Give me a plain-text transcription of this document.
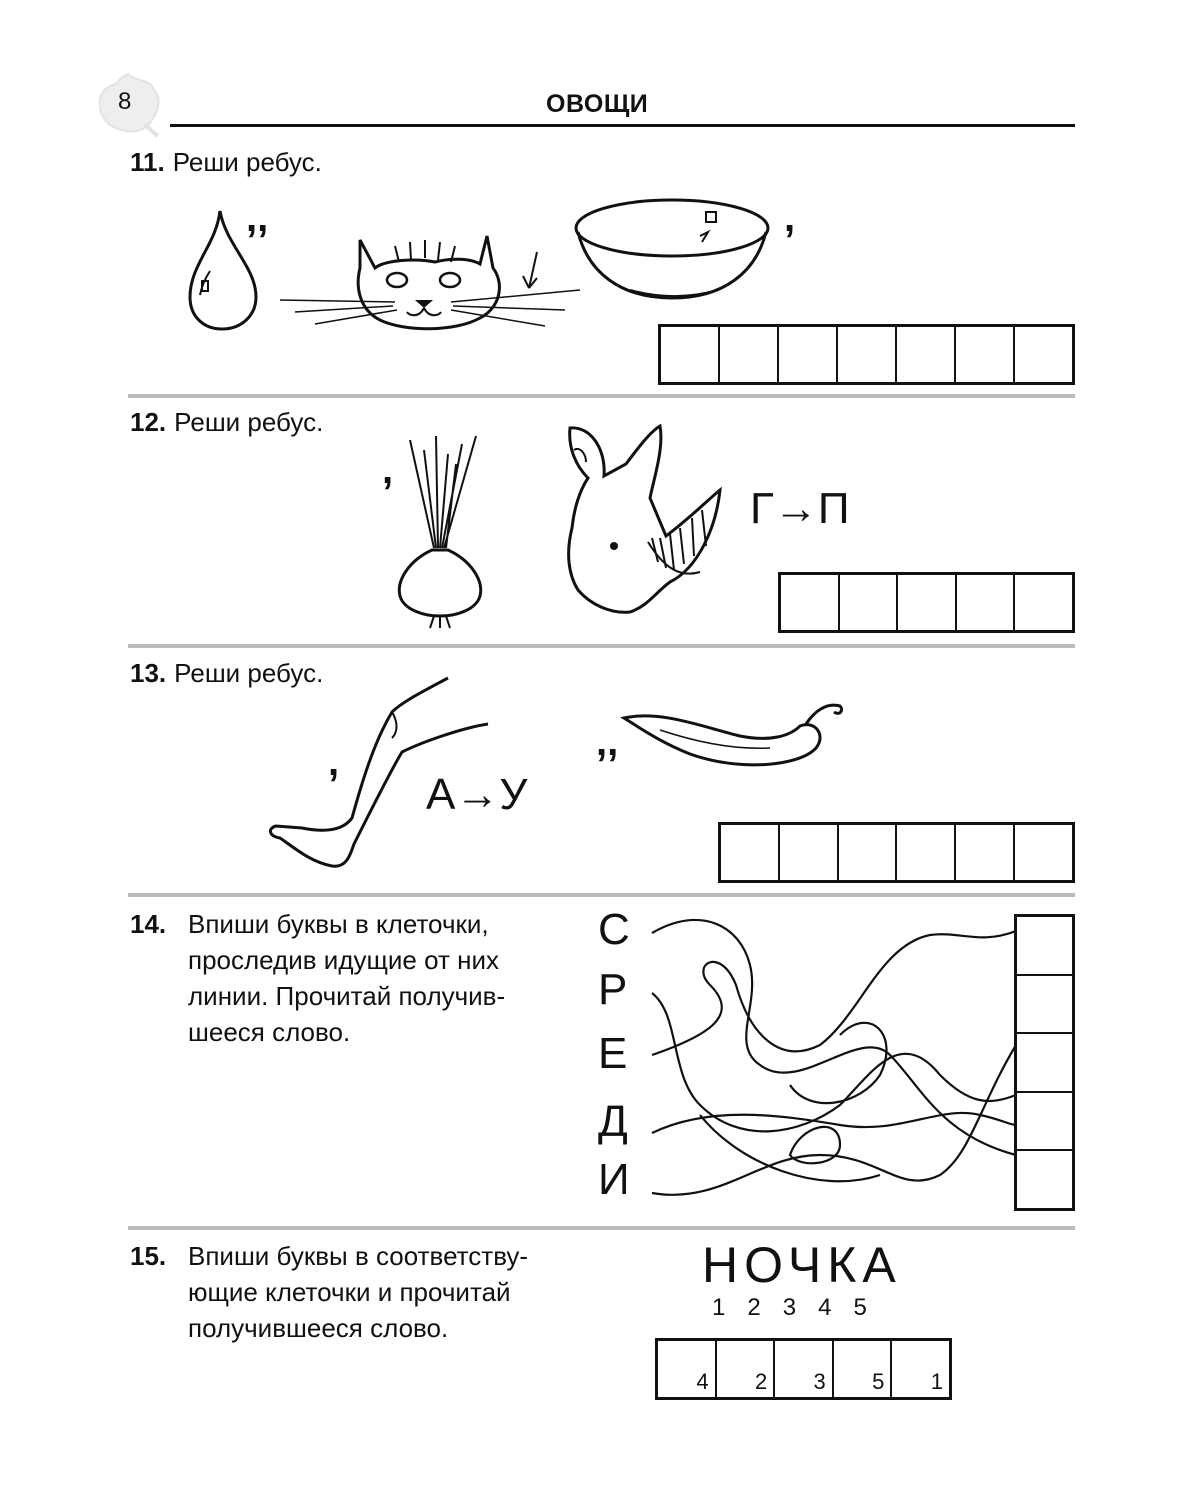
8	ОВОЩИ
11. Реши ребус.
,,	,
12. Реши ребус.
,
Г→П
13. Реши ребус.
,
А→У
,,
14. Впиши буквы в клеточки,
проследив идущие от них
линии. Прочитай получив-
шееся слово.
С
Р
Е
Д
И
15. Впиши буквы в соответству-
ющие клеточки и прочитай
получившееся слово.
НОЧКА
1 2 3 4 5
4 2 3 5 1
